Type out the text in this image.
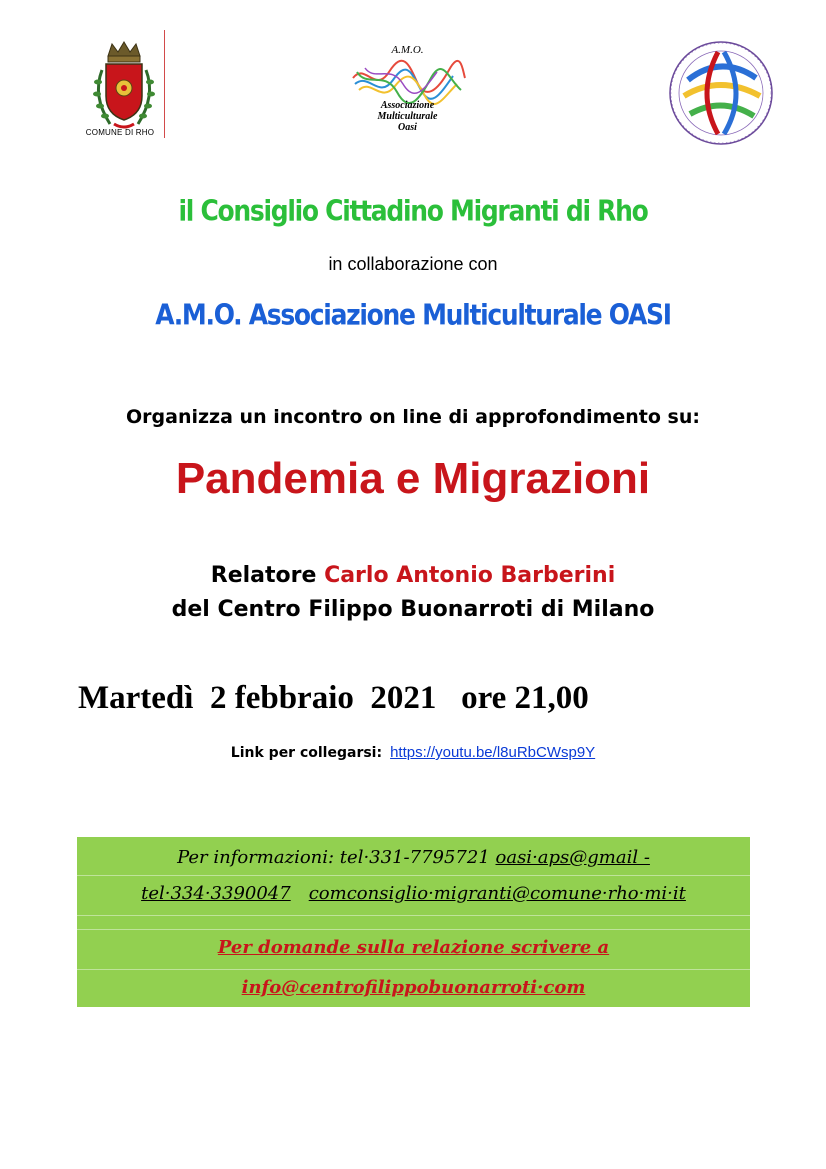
COMUNE DI RHO
A.M.O.
Associazione
Multiculturale
Oasi
il Consiglio Cittadino Migranti di Rho
in collaborazione con
A.M.O. Associazione Multiculturale OASI
Organizza un incontro on line di approfondimento su:
Pandemia e Migrazioni
Relatore Carlo Antonio Barberini
del Centro Filippo Buonarroti di Milano
Martedì  2 febbraio  2021   ore 21,00
Link per collegarsi: https://youtu.be/l8uRbCWsp9Y
Per informazioni: tel·331-7795721 oasi·aps@gmail -
tel·334·3390047 comconsiglio·migranti@comune·rho·mi·it
Per domande sulla relazione scrivere a
info@centrofilippobuonarroti·com
